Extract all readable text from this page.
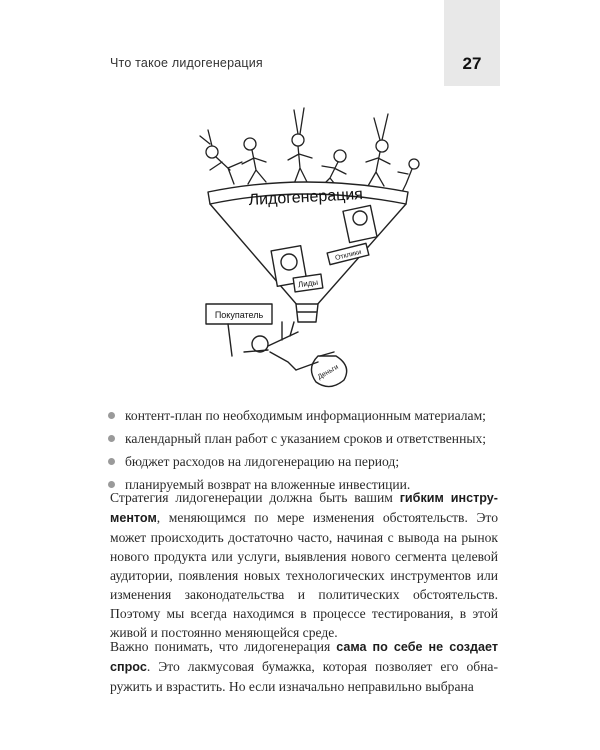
27
Что такое лидогенерация
Лидогенерация
Отклики
Лиды
Покупатель
Деньги
контент-план по необходимым информационным материалам;
календарный план работ с указанием сроков и ответственных;
бюджет расходов на лидогенерацию на период;
планируемый возврат на вложенные инвестиции.

Стратегия лидогенерации должна быть вашим гибким инстру- ментом, меняющимся по мере изменения обстоятельств. Это может происходить достаточно часто, начиная с вывода на рынок нового продукта или услуги, выявления нового сегмента целевой аудитории, появления новых технологических инструментов или изменения законодательства и политических обстоятельств. Поэтому мы всегда находимся в процессе тестирования, в этой живой и постоянно меняющейся среде.

Важно понимать, что лидогенерация сама по себе не создает спрос. Это лакмусовая бумажка, которая позволяет его обна-ружить и взрастить. Но если изначально неправильно выбрана
